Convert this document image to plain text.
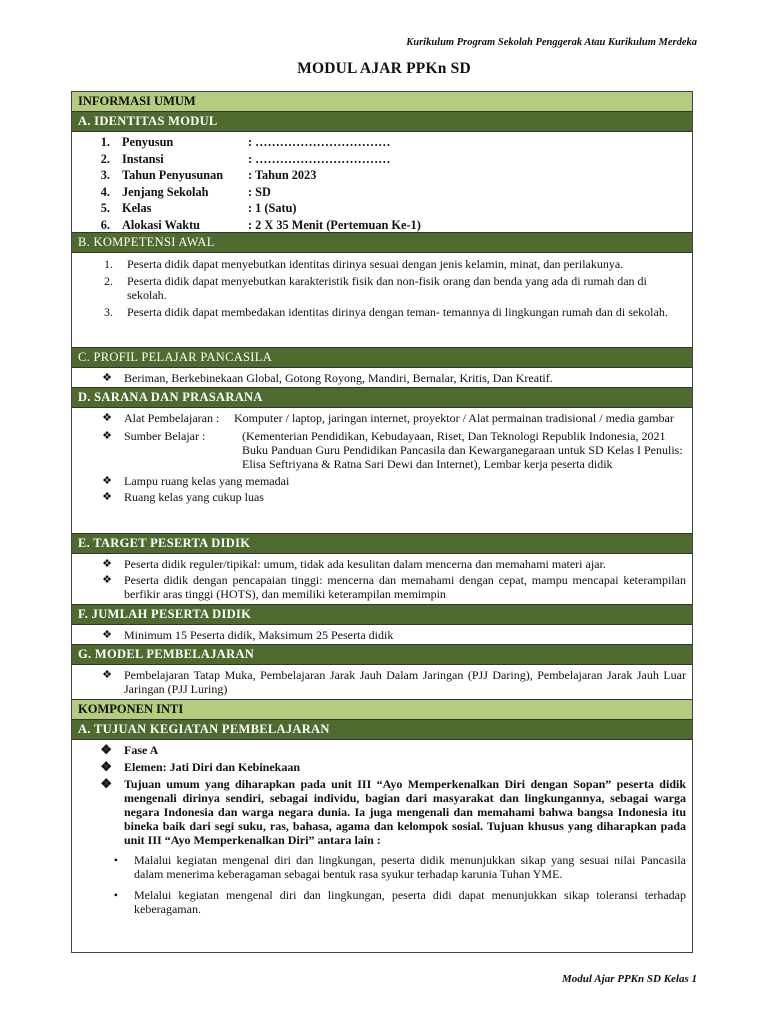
Kurikulum Program Sekolah Penggerak Atau Kurikulum Merdeka
MODUL AJAR PPKn SD
INFORMASI UMUM
A. IDENTITAS MODUL
1. Penyusun	: ……………………………
2. Instansi	: ……………………………
3. Tahun Penyusunan	: Tahun 2023
4. Jenjang Sekolah	: SD
5. Kelas	: 1 (Satu)
6. Alokasi Waktu	: 2 X 35 Menit (Pertemuan Ke-1)
B. KOMPETENSI AWAL
1.	Peserta didik dapat menyebutkan identitas dirinya sesuai dengan jenis kelamin, minat, dan perilakunya.
2.	Peserta didik dapat menyebutkan karakteristik fisik dan non-fisik orang dan benda yang ada di rumah dan di sekolah.
3.	Peserta didik dapat membedakan identitas dirinya dengan teman- temannya di lingkungan rumah dan di sekolah.
C. PROFIL PELAJAR PANCASILA
❖	Beriman, Berkebinekaan Global, Gotong Royong, Mandiri, Bernalar, Kritis, Dan Kreatif.
D. SARANA DAN PRASARANA
❖	Alat Pembelajaran :	Komputer / laptop, jaringan internet, proyektor / Alat permainan tradisional / media gambar
❖	Sumber Belajar :	(Kementerian Pendidikan, Kebudayaan, Riset, Dan Teknologi Republik Indonesia, 2021 Buku Panduan Guru Pendidikan Pancasila dan Kewarganegaraan untuk SD Kelas I Penulis: Elisa Seftriyana & Ratna Sari Dewi dan Internet), Lembar kerja peserta didik
❖	Lampu ruang kelas yang memadai
❖	Ruang kelas yang cukup luas
E. TARGET PESERTA DIDIK
❖	Peserta didik reguler/tipikal: umum, tidak ada kesulitan dalam mencerna dan memahami materi ajar.
❖	Peserta didik dengan pencapaian tinggi: mencerna dan memahami dengan cepat, mampu mencapai keterampilan berfikir aras tinggi (HOTS), dan memiliki keterampilan memimpin
F. JUMLAH PESERTA DIDIK
❖	Minimum 15 Peserta didik, Maksimum 25 Peserta didik
G. MODEL PEMBELAJARAN
❖	Pembelajaran Tatap Muka, Pembelajaran Jarak Jauh Dalam Jaringan (PJJ Daring), Pembelajaran Jarak Jauh Luar Jaringan (PJJ Luring)
KOMPONEN INTI
A. TUJUAN KEGIATAN PEMBELAJARAN
❖	Fase A
❖	Elemen: Jati Diri dan Kebinekaan
❖	Tujuan umum yang diharapkan pada unit III “Ayo Memperkenalkan Diri dengan Sopan” peserta didik mengenali dirinya sendiri, sebagai individu, bagian dari masyarakat dan lingkungannya, sebagai warga negara Indonesia dan warga negara dunia. Ia juga mengenali dan memahami bahwa bangsa Indonesia itu bineka baik dari segi suku, ras, bahasa, agama dan kelompok sosial. Tujuan khusus yang diharapkan pada unit III “Ayo Memperkenalkan Diri” antara lain :
•	Malalui kegiatan mengenal diri dan lingkungan, peserta didik menunjukkan sikap yang sesuai nilai Pancasila dalam menerima keberagaman sebagai bentuk rasa syukur terhadap karunia Tuhan YME.
•	Melalui kegiatan mengenal diri dan lingkungan, peserta didi dapat menunjukkan sikap toleransi terhadap keberagaman.
Modul Ajar PPKn SD Kelas 1
